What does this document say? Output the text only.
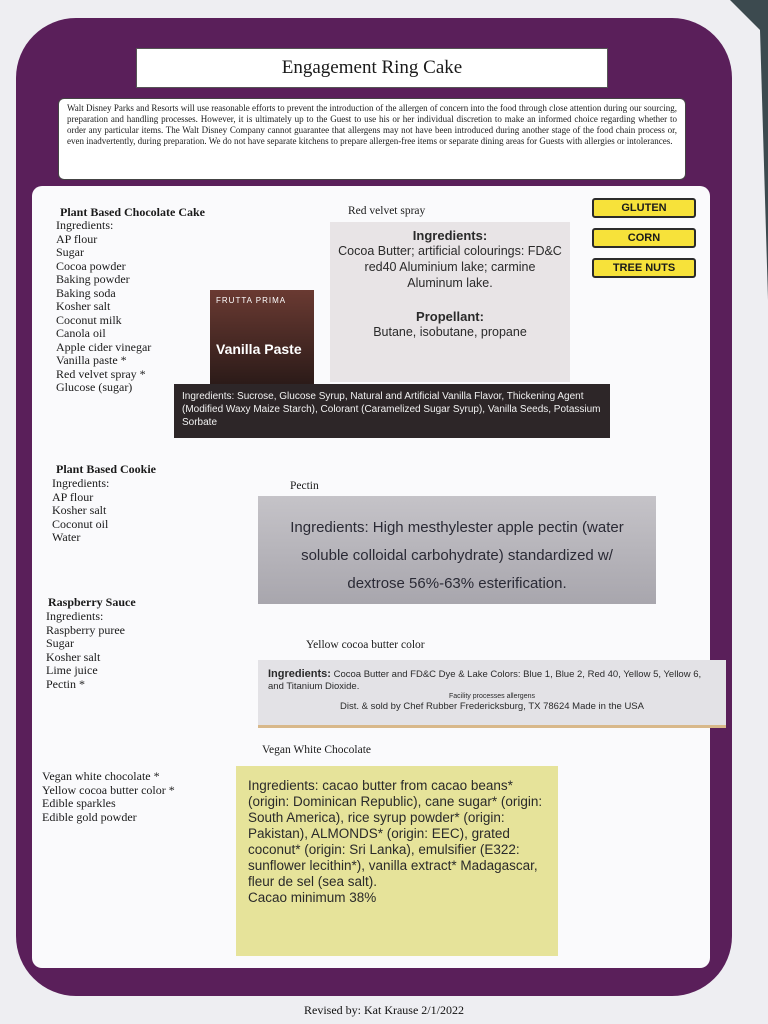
Engagement Ring Cake
Walt Disney Parks and Resorts will use reasonable efforts to prevent the introduction of the allergen of concern into the food through close attention during our sourcing, preparation and handling processes. However, it is ultimately up to the Guest to use his or her individual discretion to make an informed choice regarding whether to order any particular items. The Walt Disney Company cannot guarantee that allergens may not have been introduced during another stage of the food chain process or, even inadvertently, during preparation. We do not have separate kitchens to prepare allergen-free items or separate dining areas for Guests with allergies or intolerances.
GLUTEN
CORN
TREE NUTS
Plant Based Chocolate Cake
Ingredients:
AP flour
Sugar
Cocoa powder
Baking powder
Baking soda
Kosher salt
Coconut milk
Canola oil
Apple cider vinegar
Vanilla paste *
Red velvet spray *
Glucose (sugar)
Red velvet spray
Ingredients:
Cocoa Butter; artificial colourings: FD&C red40 Aluminium lake; carmine Aluminum lake.
Propellant:
Butane, isobutane, propane
FRUTTA PRIMA
Vanilla Paste
Ingredients: Sucrose, Glucose Syrup, Natural and Artificial Vanilla Flavor, Thickening Agent (Modified Waxy Maize Starch), Colorant (Caramelized Sugar Syrup), Vanilla Seeds, Potassium Sorbate
Plant Based Cookie
Ingredients:
AP flour
Kosher salt
Coconut oil
Water
Pectin
Ingredients: High mesthylester apple pectin (water soluble colloidal carbohydrate) standardized w/ dextrose 56%-63% esterification.
Raspberry Sauce
Ingredients:
Raspberry puree
Sugar
Kosher salt
Lime juice
Pectin *
Yellow cocoa butter color
Ingredients: Cocoa Butter and FD&C Dye & Lake Colors: Blue 1, Blue 2, Red 40, Yellow 5, Yellow 6, and Titanium Dioxide.
Facility processes allergens
Dist. & sold by Chef Rubber Fredericksburg, TX 78624 Made in the USA
Vegan White Chocolate
Vegan white chocolate *
Yellow cocoa butter color *
Edible sparkles
Edible gold powder
Ingredients: cacao butter from cacao beans* (origin: Dominican Republic), cane sugar* (origin: South America), rice syrup powder* (origin: Pakistan), ALMONDS* (origin: EEC), grated coconut* (origin: Sri Lanka), emulsifier (E322: sunflower lecithin*), vanilla extract* Madagascar, fleur de sel (sea salt).
Cacao minimum 38%
Revised by: Kat Krause 2/1/2022
